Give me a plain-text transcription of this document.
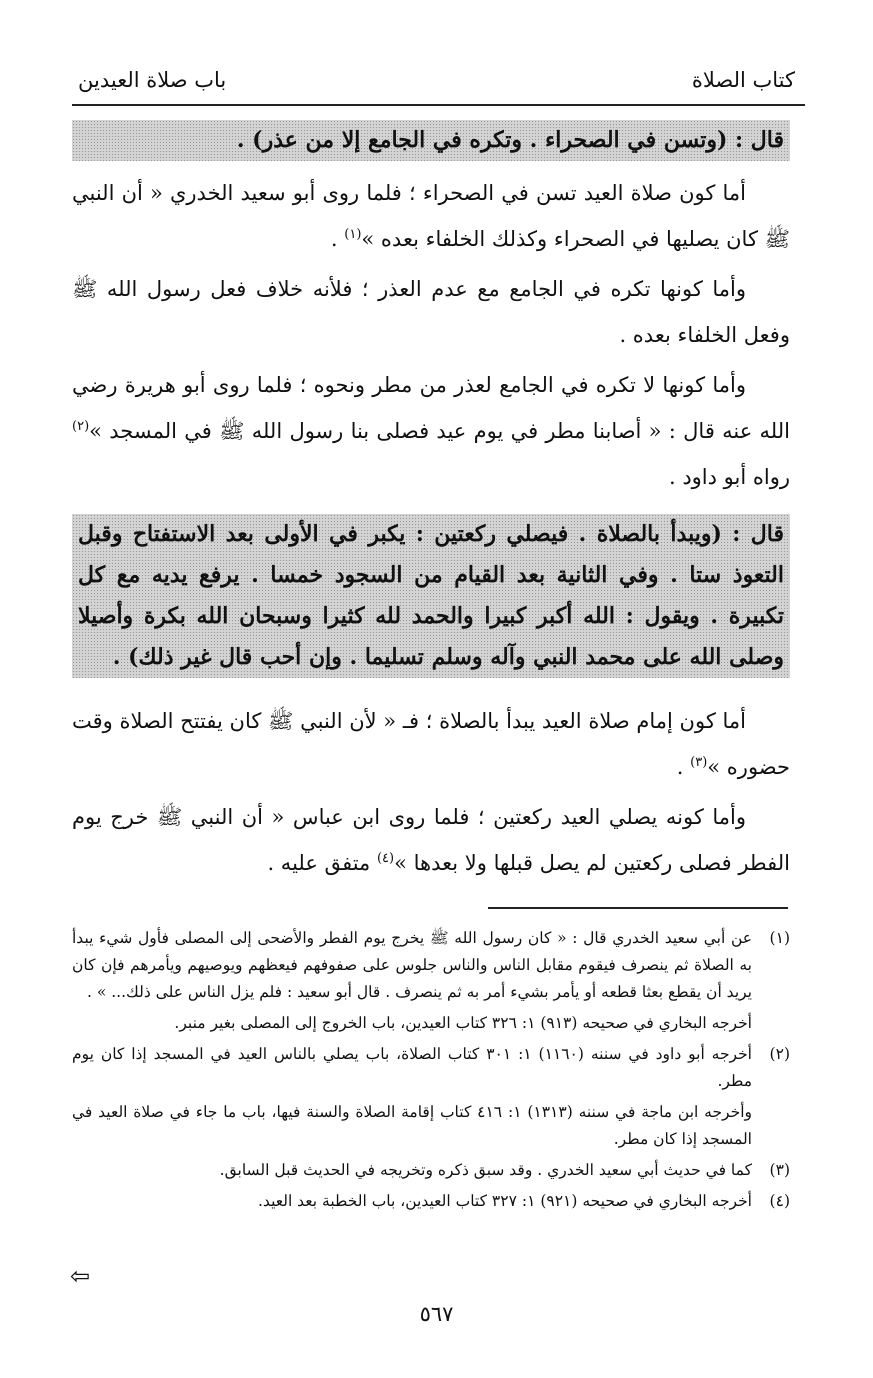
كتاب الصلاة
باب صلاة العيدين
قال : (وتسن في الصحراء . وتكره في الجامع إلا من عذر) .

أما كون صلاة العيد تسن في الصحراء ؛ فلما روى أبو سعيد الخدري « أن النبي ﷺ كان يصليها في الصحراء وكذلك الخلفاء بعده »$^{(١)}$ .

وأما كونها تكره في الجامع مع عدم العذر ؛ فلأنه خلاف فعل رسول الله ﷺ وفعل الخلفاء بعده .

وأما كونها لا تكره في الجامع لعذر من مطر ونحوه ؛ فلما روى أبو هريرة رضي الله عنه قال : « أصابنا مطر في يوم عيد فصلى بنا رسول الله ﷺ في المسجد »$^{(٢)}$ رواه أبو داود .

قال : (ويبدأ بالصلاة . فيصلي ركعتين : يكبر في الأولى بعد الاستفتاح وقبل التعوذ ستا . وفي الثانية بعد القيام من السجود خمسا . يرفع يديه مع كل تكبيرة . ويقول : الله أكبر كبيرا والحمد لله كثيرا وسبحان الله بكرة وأصيلا وصلى الله على محمد النبي وآله وسلم تسليما . وإن أحب قال غير ذلك) .

أما كون إمام صلاة العيد يبدأ بالصلاة ؛ فـ « لأن النبي ﷺ كان يفتتح الصلاة وقت حضوره »$^{(٣)}$ .

وأما كونه يصلي العيد ركعتين ؛ فلما روى ابن عباس « أن النبي ﷺ خرج يوم الفطر فصلى ركعتين لم يصل قبلها ولا بعدها »$^{(٤)}$ متفق عليه .

(١)
عن أبي سعيد الخدري قال : « كان رسول الله ﷺ يخرج يوم الفطر والأضحى إلى المصلى فأول شيء يبدأ به الصلاة ثم ينصرف فيقوم مقابل الناس والناس جلوس على صفوفهم فيعظهم ويوصيهم ويأمرهم فإن كان يريد أن يقطع بعثا قطعه أو يأمر بشيء أمر به ثم ينصرف . قال أبو سعيد : فلم يزل الناس على ذلك... » .
أخرجه البخاري في صحيحه (٩١٣) ١: ٣٢٦ كتاب العيدين، باب الخروج إلى المصلى بغير منبر.
(٢)
أخرجه أبو داود في سننه (١١٦٠) ١: ٣٠١ كتاب الصلاة، باب يصلي بالناس العيد في المسجد إذا كان يوم مطر.
وأخرجه ابن ماجة في سننه (١٣١٣) ١: ٤١٦ كتاب إقامة الصلاة والسنة فيها، باب ما جاء في صلاة العيد في المسجد إذا كان مطر.
(٣)
كما في حديث أبي سعيد الخدري . وقد سبق ذكره وتخريجه في الحديث قبل السابق.
(٤)
أخرجه البخاري في صحيحه (٩٢١) ١: ٣٢٧ كتاب العيدين، باب الخطبة بعد العيد.
⇦
٥٦٧
